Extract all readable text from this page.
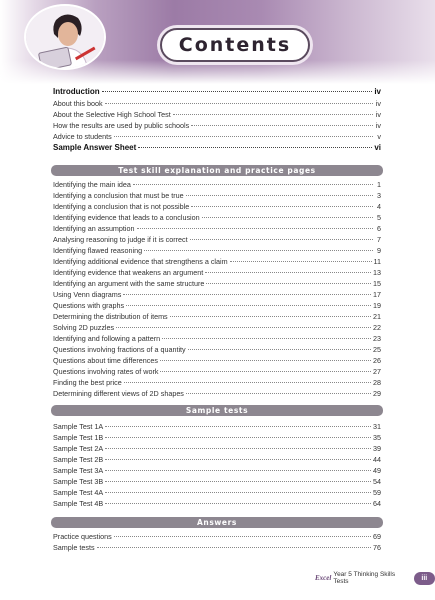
Contents
Introduction	iv
About this book	iv
About the Selective High School Test	iv
How the results are used by public schools	iv
Advice to students	v
Sample Answer Sheet	vi
Test skill explanation and practice pages
Identifying the main idea	1
Identifying a conclusion that must be true	3
Identifying a conclusion that is not possible	4
Identifying evidence that leads to a conclusion	5
Identifying an assumption	6
Analysing reasoning to judge if it is correct	7
Identifying flawed reasoning	9
Identifying additional evidence that strengthens a claim	11
Identifying evidence that weakens an argument	13
Identifying an argument with the same structure	15
Using Venn diagrams	17
Questions with graphs	19
Determining the distribution of items	21
Solving 2D puzzles	22
Identifying and following a pattern	23
Questions involving fractions of a quantity	25
Questions about time differences	26
Questions involving rates of work	27
Finding the best price	28
Determining different views of 2D shapes	29
Sample tests
Sample Test 1A	31
Sample Test 1B	35
Sample Test 2A	39
Sample Test 2B	44
Sample Test 3A	49
Sample Test 3B	54
Sample Test 4A	59
Sample Test 4B	64
Answers
Practice questions	69
Sample tests	76
Excel Year 5 Thinking Skills Tests	iii
